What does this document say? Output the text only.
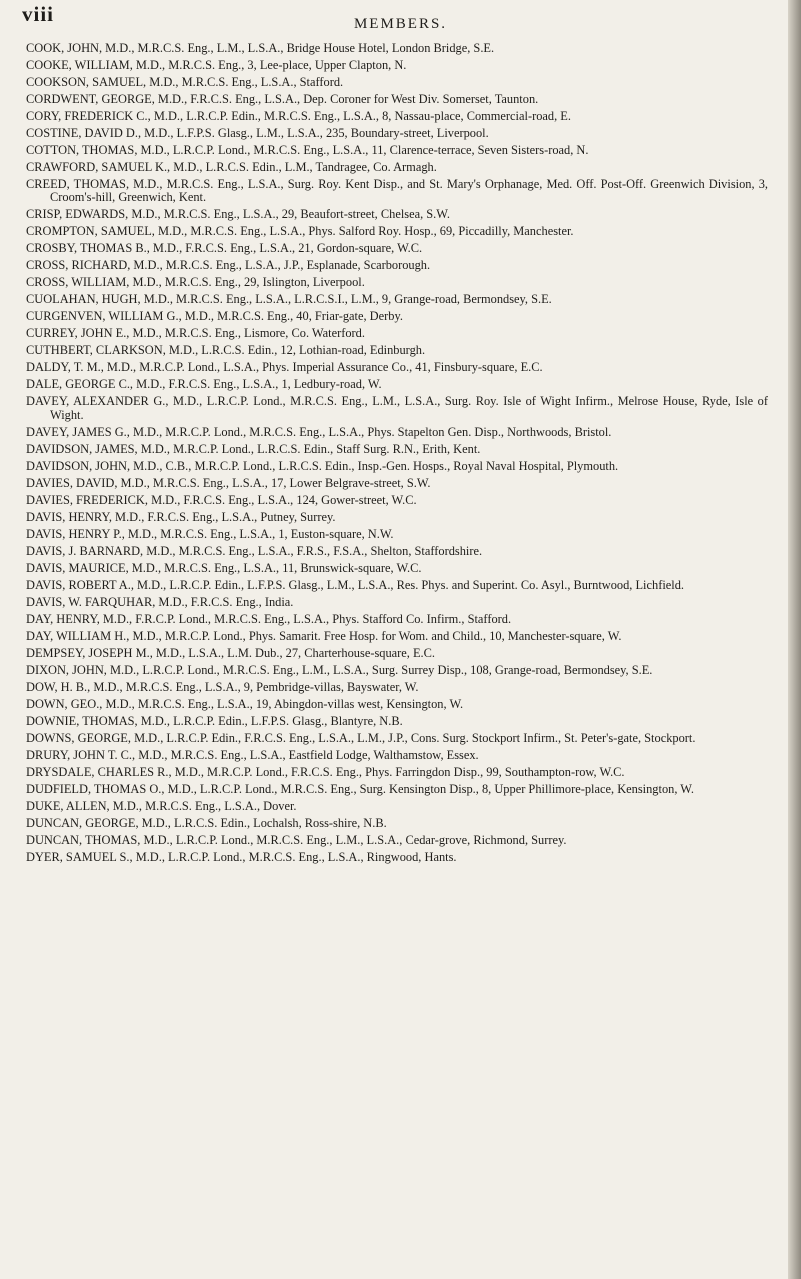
viii	MEMBERS.

COOK, JOHN, M.D., M.R.C.S. Eng., L.M., L.S.A., Bridge House Hotel, London Bridge, S.E.

COOKE, WILLIAM, M.D., M.R.C.S. Eng., 3, Lee-place, Upper Clapton, N.

COOKSON, SAMUEL, M.D., M.R.C.S. Eng., L.S.A., Stafford.

CORDWENT, GEORGE, M.D., F.R.C.S. Eng., L.S.A., Dep. Coroner for West Div. Somerset, Taunton.

CORY, FREDERICK C., M.D., L.R.C.P. Edin., M.R.C.S. Eng., L.S.A., 8, Nassau-place, Commercial-road, E.

COSTINE, DAVID D., M.D., L.F.P.S. Glasg., L.M., L.S.A., 235, Boundary-street, Liverpool.

COTTON, THOMAS, M.D., L.R.C.P. Lond., M.R.C.S. Eng., L.S.A., 11, Clarence-terrace, Seven Sisters-road, N.

CRAWFORD, SAMUEL K., M.D., L.R.C.S. Edin., L.M., Tandragee, Co. Armagh.

CREED, THOMAS, M.D., M.R.C.S. Eng., L.S.A., Surg. Roy. Kent Disp., and St. Mary's Orphanage, Med. Off. Post-Off. Greenwich Division, 3, Croom's-hill, Greenwich, Kent.

CRISP, EDWARDS, M.D., M.R.C.S. Eng., L.S.A., 29, Beaufort-street, Chelsea, S.W.

CROMPTON, SAMUEL, M.D., M.R.C.S. Eng., L.S.A., Phys. Salford Roy. Hosp., 69, Piccadilly, Manchester.

CROSBY, THOMAS B., M.D., F.R.C.S. Eng., L.S.A., 21, Gordon-square, W.C.

CROSS, RICHARD, M.D., M.R.C.S. Eng., L.S.A., J.P., Esplanade, Scarborough.

CROSS, WILLIAM, M.D., M.R.C.S. Eng., 29, Islington, Liverpool.

CUOLAHAN, HUGH, M.D., M.R.C.S. Eng., L.S.A., L.R.C.S.I., L.M., 9, Grange-road, Bermondsey, S.E.

CURGENVEN, WILLIAM G., M.D., M.R.C.S. Eng., 40, Friar-gate, Derby.

CURREY, JOHN E., M.D., M.R.C.S. Eng., Lismore, Co. Waterford.

CUTHBERT, CLARKSON, M.D., L.R.C.S. Edin., 12, Lothian-road, Edinburgh.

DALDY, T. M., M.D., M.R.C.P. Lond., L.S.A., Phys. Imperial Assurance Co., 41, Finsbury-square, E.C.

DALE, GEORGE C., M.D., F.R.C.S. Eng., L.S.A., 1, Ledbury-road, W.

DAVEY, ALEXANDER G., M.D., L.R.C.P. Lond., M.R.C.S. Eng., L.M., L.S.A., Surg. Roy. Isle of Wight Infirm., Melrose House, Ryde, Isle of Wight.

DAVEY, JAMES G., M.D., M.R.C.P. Lond., M.R.C.S. Eng., L.S.A., Phys. Stapelton Gen. Disp., Northwoods, Bristol.

DAVIDSON, JAMES, M.D., M.R.C.P. Lond., L.R.C.S. Edin., Staff Surg. R.N., Erith, Kent.

DAVIDSON, JOHN, M.D., C.B., M.R.C.P. Lond., L.R.C.S. Edin., Insp.-Gen. Hosps., Royal Naval Hospital, Plymouth.

DAVIES, DAVID, M.D., M.R.C.S. Eng., L.S.A., 17, Lower Belgrave-street, S.W.

DAVIES, FREDERICK, M.D., F.R.C.S. Eng., L.S.A., 124, Gower-street, W.C.

DAVIS, HENRY, M.D., F.R.C.S. Eng., L.S.A., Putney, Surrey.

DAVIS, HENRY P., M.D., M.R.C.S. Eng., L.S.A., 1, Euston-square, N.W.

DAVIS, J. BARNARD, M.D., M.R.C.S. Eng., L.S.A., F.R.S., F.S.A., Shelton, Staffordshire.

DAVIS, MAURICE, M.D., M.R.C.S. Eng., L.S.A., 11, Brunswick-square, W.C.

DAVIS, ROBERT A., M.D., L.R.C.P. Edin., L.F.P.S. Glasg., L.M., L.S.A., Res. Phys. and Superint. Co. Asyl., Burntwood, Lichfield.

DAVIS, W. FARQUHAR, M.D., F.R.C.S. Eng., India.

DAY, HENRY, M.D., F.R.C.P. Lond., M.R.C.S. Eng., L.S.A., Phys. Stafford Co. Infirm., Stafford.

DAY, WILLIAM H., M.D., M.R.C.P. Lond., Phys. Samarit. Free Hosp. for Wom. and Child., 10, Manchester-square, W.

DEMPSEY, JOSEPH M., M.D., L.S.A., L.M. Dub., 27, Charterhouse-square, E.C.

DIXON, JOHN, M.D., L.R.C.P. Lond., M.R.C.S. Eng., L.M., L.S.A., Surg. Surrey Disp., 108, Grange-road, Bermondsey, S.E.

DOW, H. B., M.D., M.R.C.S. Eng., L.S.A., 9, Pembridge-villas, Bayswater, W.

DOWN, GEO., M.D., M.R.C.S. Eng., L.S.A., 19, Abingdon-villas west, Kensington, W.

DOWNIE, THOMAS, M.D., L.R.C.P. Edin., L.F.P.S. Glasg., Blantyre, N.B.

DOWNS, GEORGE, M.D., L.R.C.P. Edin., F.R.C.S. Eng., L.S.A., L.M., J.P., Cons. Surg. Stockport Infirm., St. Peter's-gate, Stockport.

DRURY, JOHN T. C., M.D., M.R.C.S. Eng., L.S.A., Eastfield Lodge, Walthamstow, Essex.

DRYSDALE, CHARLES R., M.D., M.R.C.P. Lond., F.R.C.S. Eng., Phys. Farringdon Disp., 99, Southampton-row, W.C.

DUDFIELD, THOMAS O., M.D., L.R.C.P. Lond., M.R.C.S. Eng., Surg. Kensington Disp., 8, Upper Phillimore-place, Kensington, W.

DUKE, ALLEN, M.D., M.R.C.S. Eng., L.S.A., Dover.

DUNCAN, GEORGE, M.D., L.R.C.S. Edin., Lochalsh, Ross-shire, N.B.

DUNCAN, THOMAS, M.D., L.R.C.P. Lond., M.R.C.S. Eng., L.M., L.S.A., Cedar-grove, Richmond, Surrey.

DYER, SAMUEL S., M.D., L.R.C.P. Lond., M.R.C.S. Eng., L.S.A., Ringwood, Hants.
